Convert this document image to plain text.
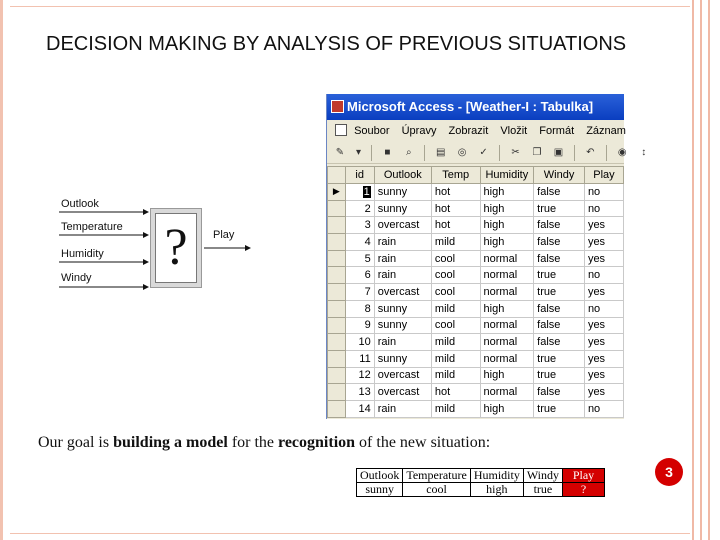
DECISION MAKING BY ANALYSIS OF PREVIOUS SITUATIONS
Outlook
Temperature
Humidity
Windy
?	Play
Microsoft Access - [Weather-I : Tabulka]
Soubor Úpravy Zobrazit Vložit Formát Záznam
✎ ▾ ■ ⌕ ▤ ◎ ✓ ✂ ❐ ▣ ↶ ◉ ↕
	id	Outlook	Temp	Humidity	Windy	Play
▶	1	sunny	hot	high	false	no
	2	sunny	hot	high	true	no
	3	overcast	hot	high	false	yes
	4	rain	mild	high	false	yes
	5	rain	cool	normal	false	yes
	6	rain	cool	normal	true	no
	7	overcast	cool	normal	true	yes
	8	sunny	mild	high	false	no
	9	sunny	cool	normal	false	yes
	10	rain	mild	normal	false	yes
	11	sunny	mild	normal	true	yes
	12	overcast	mild	high	true	yes
	13	overcast	hot	normal	false	yes
	14	rain	mild	high	true	no
Our goal is building a model for the recognition of the new situation:
Outlook	Temperature	Humidity	Windy	Play
sunny	cool	high	true	?
3
